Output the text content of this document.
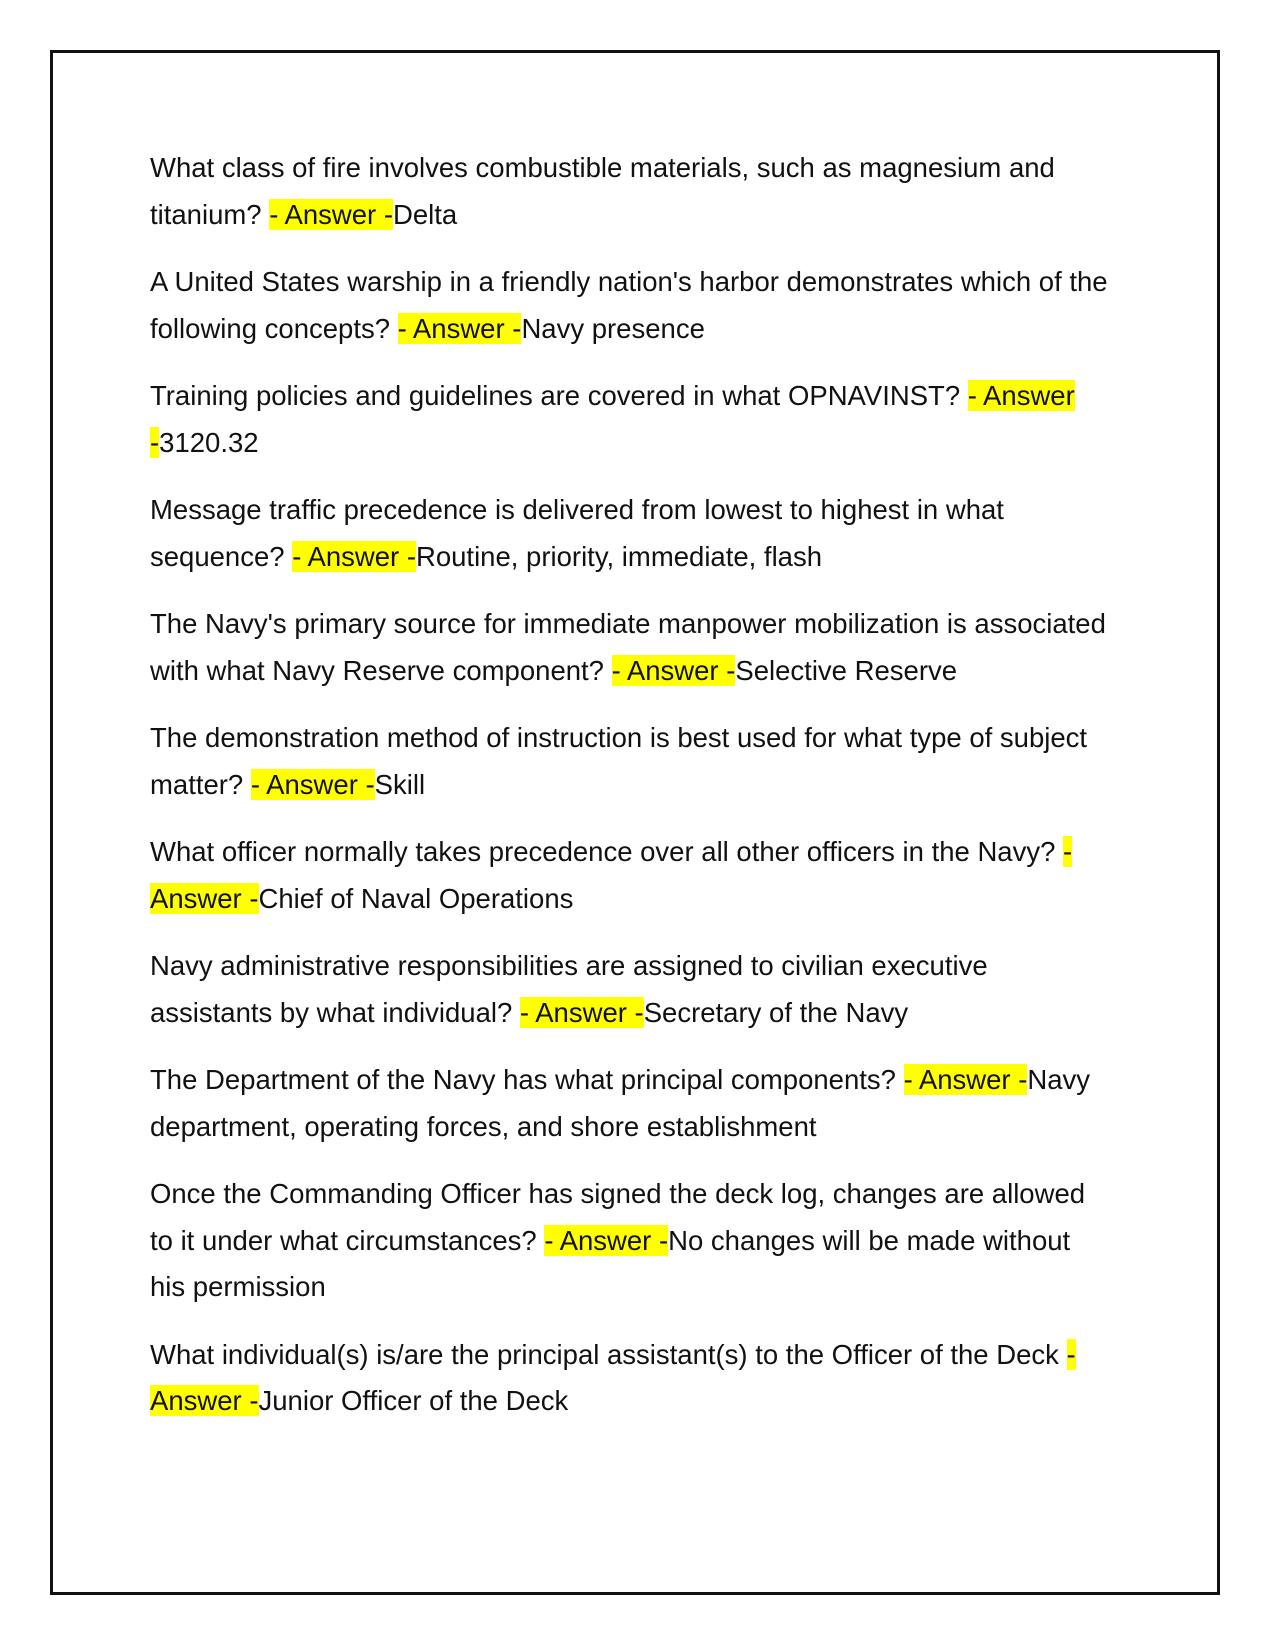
What class of fire involves combustible materials, such as magnesium and titanium? - Answer -Delta

A United States warship in a friendly nation's harbor demonstrates which of the following concepts? - Answer -Navy presence

Training policies and guidelines are covered in what OPNAVINST? - Answer -3120.32

Message traffic precedence is delivered from lowest to highest in what sequence? - Answer -Routine, priority, immediate, flash

The Navy's primary source for immediate manpower mobilization is associated with what Navy Reserve component? - Answer -Selective Reserve

The demonstration method of instruction is best used for what type of subject matter? - Answer -Skill

What officer normally takes precedence over all other officers in the Navy? - Answer -Chief of Naval Operations

Navy administrative responsibilities are assigned to civilian executive assistants by what individual? - Answer -Secretary of the Navy

The Department of the Navy has what principal components? - Answer -Navy department, operating forces, and shore establishment

Once the Commanding Officer has signed the deck log, changes are allowed to it under what circumstances? - Answer -No changes will be made without his permission

What individual(s) is/are the principal assistant(s) to the Officer of the Deck - Answer -Junior Officer of the Deck
